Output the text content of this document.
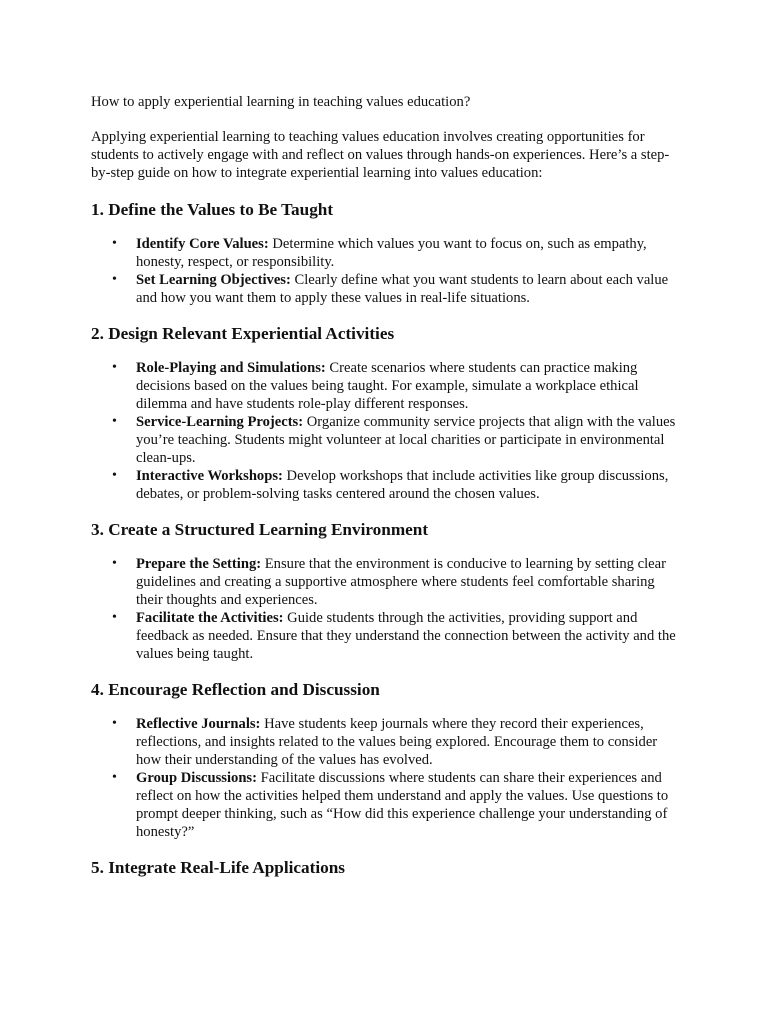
How to apply experiential learning in teaching values education?

Applying experiential learning to teaching values education involves creating opportunities for students to actively engage with and reflect on values through hands-on experiences. Here’s a step-by-step guide on how to integrate experiential learning into values education:

1. Define the Values to Be Taught
• Identify Core Values: Determine which values you want to focus on, such as empathy, honesty, respect, or responsibility.
• Set Learning Objectives: Clearly define what you want students to learn about each value and how you want them to apply these values in real-life situations.
2. Design Relevant Experiential Activities
• Role-Playing and Simulations: Create scenarios where students can practice making decisions based on the values being taught. For example, simulate a workplace ethical dilemma and have students role-play different responses.
• Service-Learning Projects: Organize community service projects that align with the values you’re teaching. Students might volunteer at local charities or participate in environmental clean-ups.
• Interactive Workshops: Develop workshops that include activities like group discussions, debates, or problem-solving tasks centered around the chosen values.
3. Create a Structured Learning Environment
• Prepare the Setting: Ensure that the environment is conducive to learning by setting clear guidelines and creating a supportive atmosphere where students feel comfortable sharing their thoughts and experiences.
• Facilitate the Activities: Guide students through the activities, providing support and feedback as needed. Ensure that they understand the connection between the activity and the values being taught.
4. Encourage Reflection and Discussion
• Reflective Journals: Have students keep journals where they record their experiences, reflections, and insights related to the values being explored. Encourage them to consider how their understanding of the values has evolved.
• Group Discussions: Facilitate discussions where students can share their experiences and reflect on how the activities helped them understand and apply the values. Use questions to prompt deeper thinking, such as “How did this experience challenge your understanding of honesty?”
5. Integrate Real-Life Applications
